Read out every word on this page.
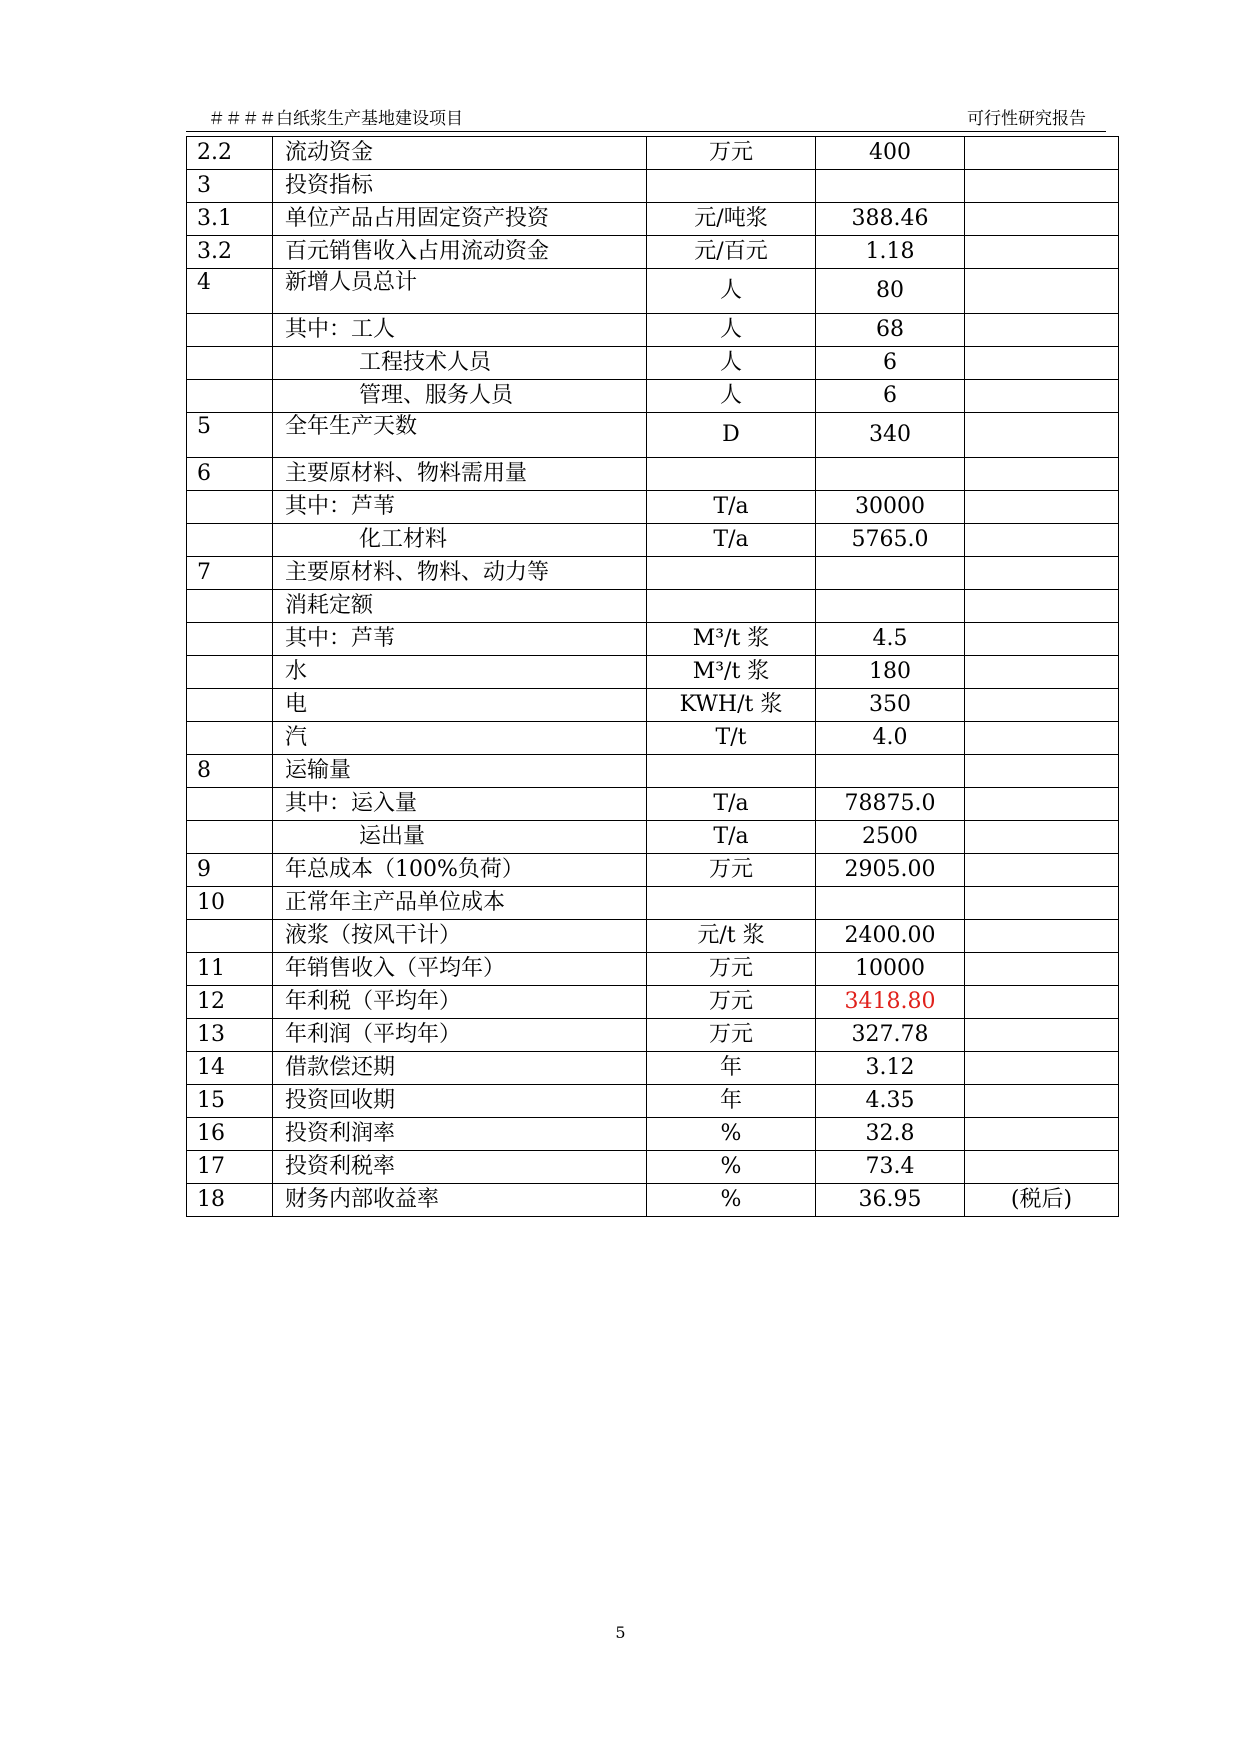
＃＃＃＃白纸浆生产基地建设项目	可行性研究报告
2.2	流动资金	万元	400	
3	投资指标			
3.1	单位产品占用固定资产投资	元/吨浆	388.46	
3.2	百元销售收入占用流动资金	元/百元	1.18	
4	新增人员总计	人	80	
	其中：工人	人	68	
	工程技术人员	人	6	
	管理、服务人员	人	6	
5	全年生产天数	D	340	
6	主要原材料、物料需用量			
	其中：芦苇	T/a	30000	
	化工材料	T/a	5765.0	
7	主要原材料、物料、动力等			
	消耗定额			
	其中：芦苇	M³/t 浆	4.5	
	水	M³/t 浆	180	
	电	KWH/t 浆	350	
	汽	T/t	4.0	
8	运输量			
	其中：运入量	T/a	78875.0	
	运出量	T/a	2500	
9	年总成本（100%负荷）	万元	2905.00	
10	正常年主产品单位成本			
	液浆（按风干计）	元/t 浆	2400.00	
11	年销售收入（平均年）	万元	10000	
12	年利税（平均年）	万元	3418.80	
13	年利润（平均年）	万元	327.78	
14	借款偿还期	年	3.12	
15	投资回收期	年	4.35	
16	投资利润率	%	32.8	
17	投资利税率	%	73.4	
18	财务内部收益率	%	36.95	(税后)
5
